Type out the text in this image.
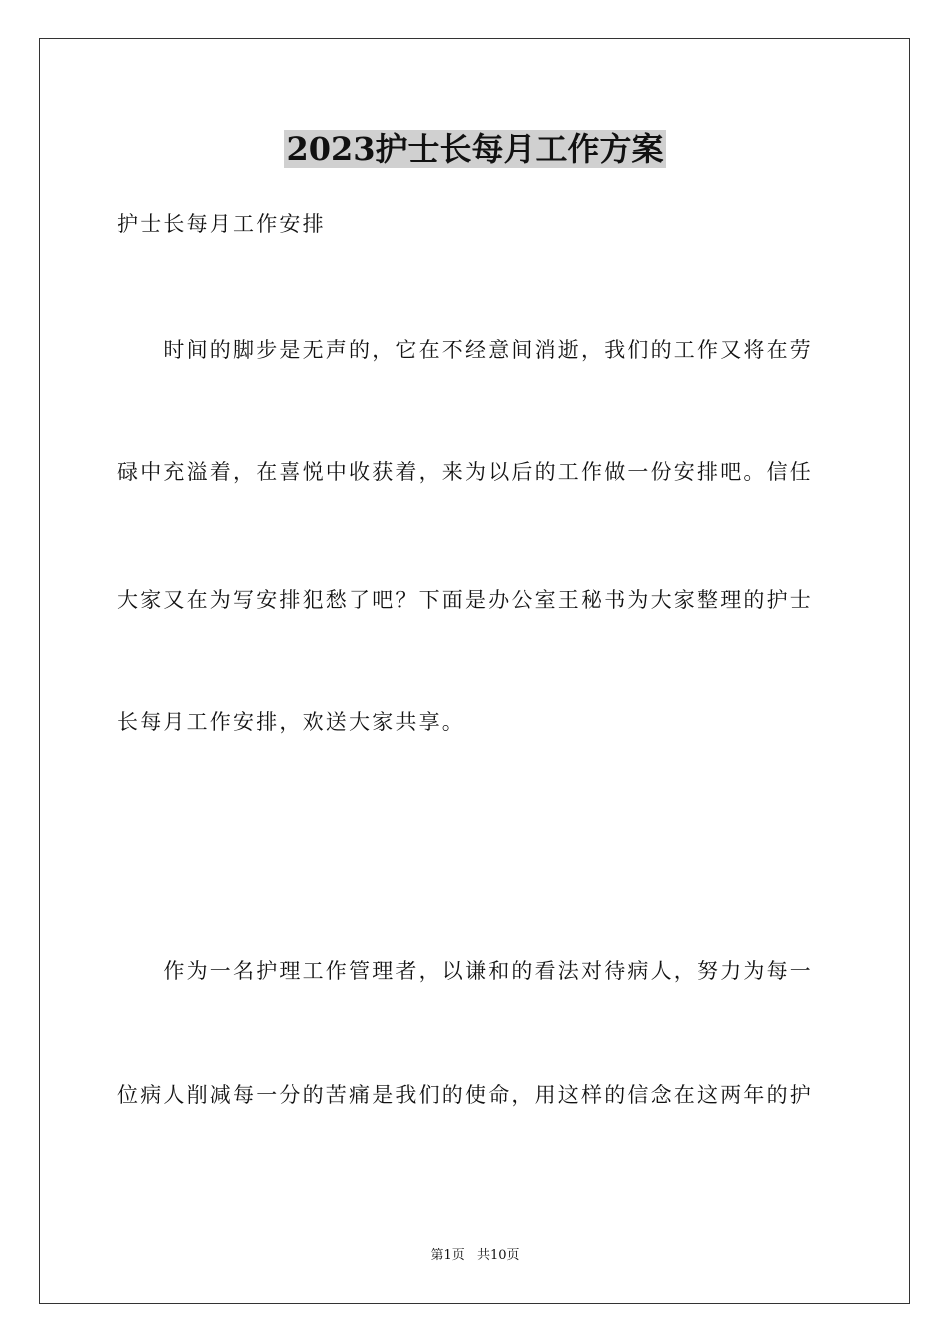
2023护士长每月工作方案
护士长每月工作安排
　　时间的脚步是无声的，它在不经意间消逝，我们的工作又将在劳
碌中充溢着，在喜悦中收获着，来为以后的工作做一份安排吧。信任
大家又在为写安排犯愁了吧？下面是办公室王秘书为大家整理的护士
长每月工作安排，欢送大家共享。
　　作为一名护理工作管理者，以谦和的看法对待病人，努力为每一
位病人削减每一分的苦痛是我们的使命，用这样的信念在这两年的护
第1页 共10页
